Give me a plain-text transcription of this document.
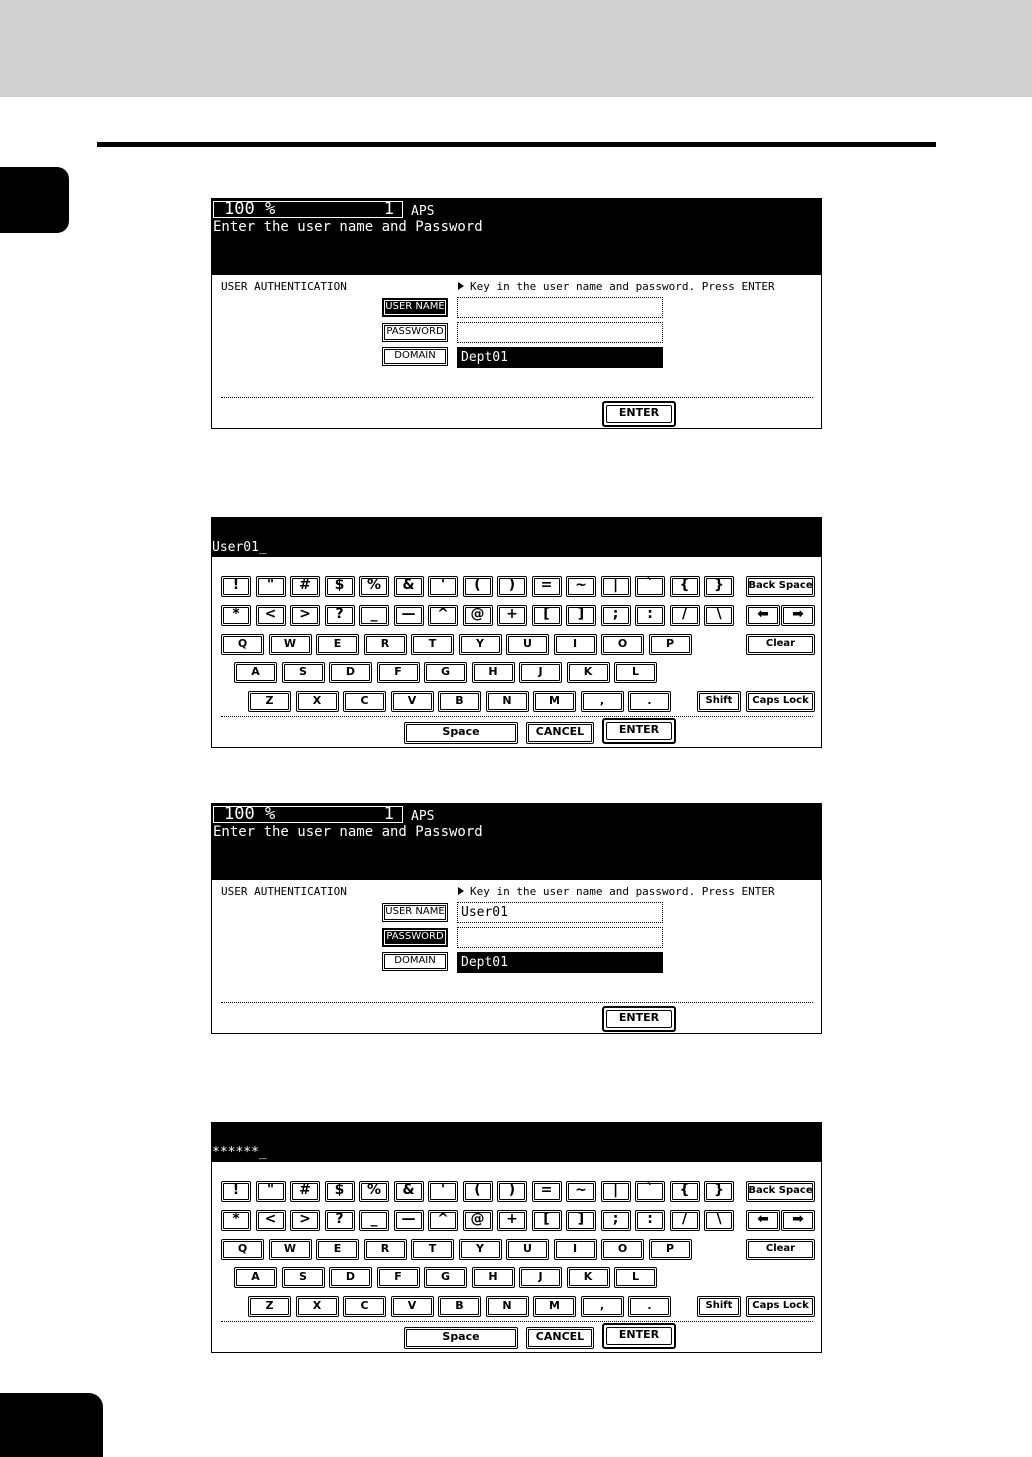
100 %	1 APS
Enter the user name and Password
USER AUTHENTICATION	Key in the user name and password. Press ENTER
USER NAME
PASSWORD
DOMAIN	Dept01
ENTER
User01_
!	"	#	$	%	&	'	(	)	=	~	|	`	{	}
*	<	>	?	_	—	^	@	+	[	]	;	:	/	\
Q	W	E	R	T	Y	U	I	O	P
A	S	D	F	G	H	J	K	L
Z	X	C	V	B	N	M	,	.
Back Space
⬅	➡
Clear
Shift	Caps Lock
Space	CANCEL	ENTER
100 %	1 APS
Enter the user name and Password
USER AUTHENTICATION	Key in the user name and password. Press ENTER
USER NAME	User01
PASSWORD
DOMAIN	Dept01
ENTER
******_
!	"	#	$	%	&	'	(	)	=	~	|	`	{	}
*	<	>	?	_	—	^	@	+	[	]	;	:	/	\
Q	W	E	R	T	Y	U	I	O	P
A	S	D	F	G	H	J	K	L
Z	X	C	V	B	N	M	,	.
Back Space
⬅	➡
Clear
Shift	Caps Lock
Space	CANCEL	ENTER
